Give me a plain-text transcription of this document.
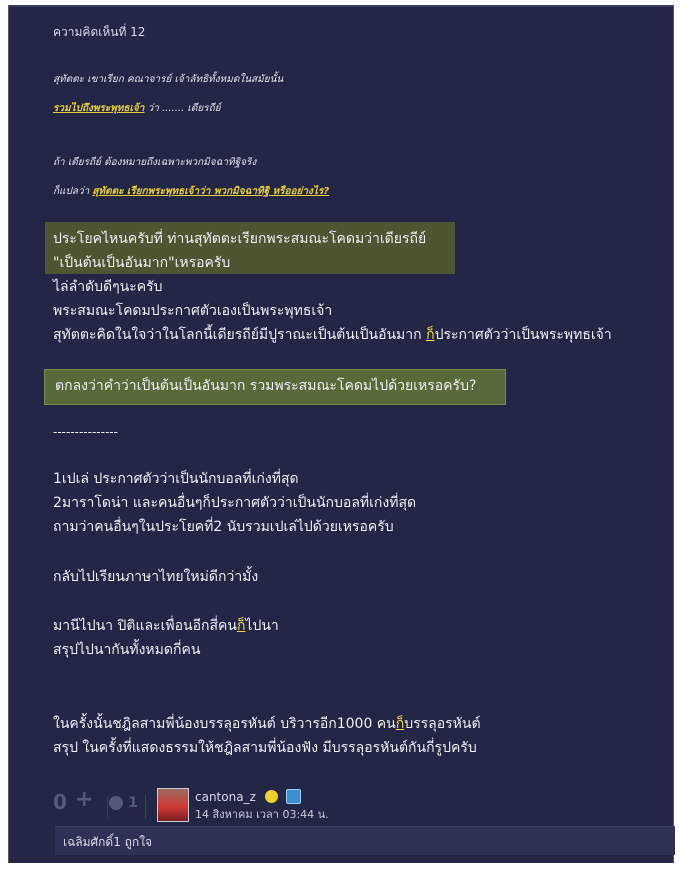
ความคิดเห็นที่ 12
สุทัตตะ เขาเรียก คณาจารย์ เจ้าลัทธิทั้งหมดในสมัยนั้น
รวมไปถึงพระพุทธเจ้า ว่า ....... เดียรถีย์
ถ้า เดียรถีย์ ต้องหมายถึงเฉพาะพวกมิจฉาทิฐิจริง
ก็แปลว่า สุทัตตะ เรียกพระพุทธเจ้าว่า พวกมิจฉาทิฐิ หรืออย่างไร?
ประโยคไหนครับที่ ท่านสุทัตตะเรียกพระสมณะโคดมว่าเดียรถีย์
"เป็นต้นเป็นอันมาก"เหรอครับ
ไล่ลำดับดีๆนะครับ
พระสมณะโคดมประกาศตัวเองเป็นพระพุทธเจ้า
สุทัตตะคิดในใจว่าในโลกนี้เดียรถีย์มีปูราณะเป็นต้นเป็นอันมาก ก็ประกาศตัวว่าเป็นพระพุทธเจ้า
ตกลงว่าคำว่าเป็นต้นเป็นอันมาก รวมพระสมณะโคดมไปด้วยเหรอครับ?
---------------
1เปเล่ ประกาศตัวว่าเป็นนักบอลที่เก่งที่สุด
2มาราโดน่า และคนอื่นๆก็ประกาศตัวว่าเป็นนักบอลที่เก่งที่สุด
ถามว่าคนอื่นๆในประโยคที่2 นับรวมเปเล่ไปด้วยเหรอครับ
กลับไปเรียนภาษาไทยใหม่ดีกว่ามั้ง
มานีไปนา ปิติและเพื่อนอีกสี่คนก็ไปนา
สรุปไปนากันทั้งหมดกี่คน
ในครั้งนั้นชฎิลสามพี่น้องบรรลุอรหันต์ บริวารอีก1000 คนก็บรรลุอรหันต์
สรุป ในครั้งที่แสดงธรรมให้ชฎิลสามพี่น้องฟัง มีบรรลุอรหันต์กันกี่รูปครับ
0 +	1	cantona_z
14 สิงหาคม เวลา 03:44 น.
เฉลิมศักดิ์1 ถูกใจ
